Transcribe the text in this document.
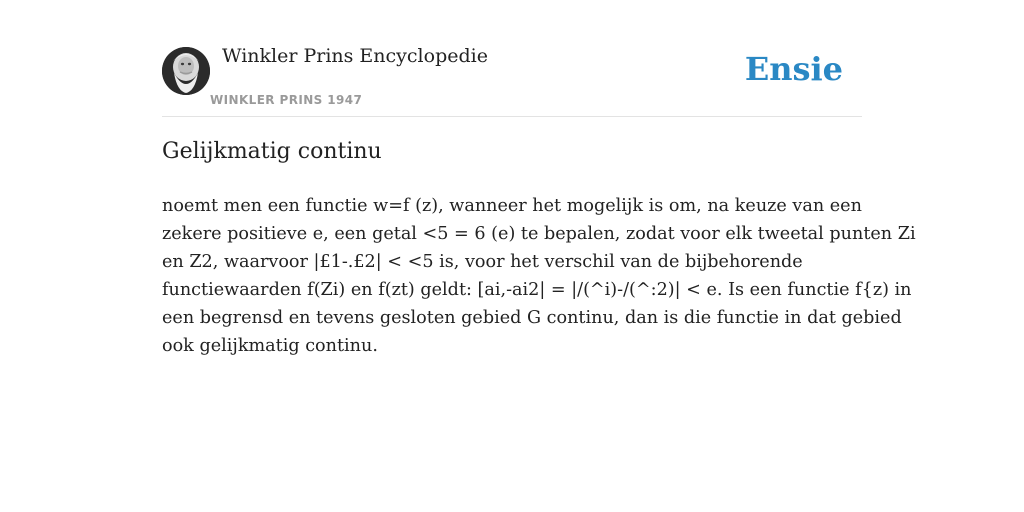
Winkler Prins Encyclopedie
WINKLER PRINS 1947
Ensie
Gelijkmatig continu

noemt men een functie w=f (z), wanneer het mogelijk is om, na keuze van een
zekere positieve e, een getal <5 = 6 (e) te bepalen, zodat voor elk tweetal punten Zi
en Z2, waarvoor |£1-.£2| < <5 is, voor het verschil van de bijbehorende
functiewaarden f(Zi) en f(zt) geldt: [ai,-ai2| = |/(^i)-/(^:2)| < e. Is een functie f{z) in
een begrensd en tevens gesloten gebied G continu, dan is die functie in dat gebied
ook gelijkmatig continu.
